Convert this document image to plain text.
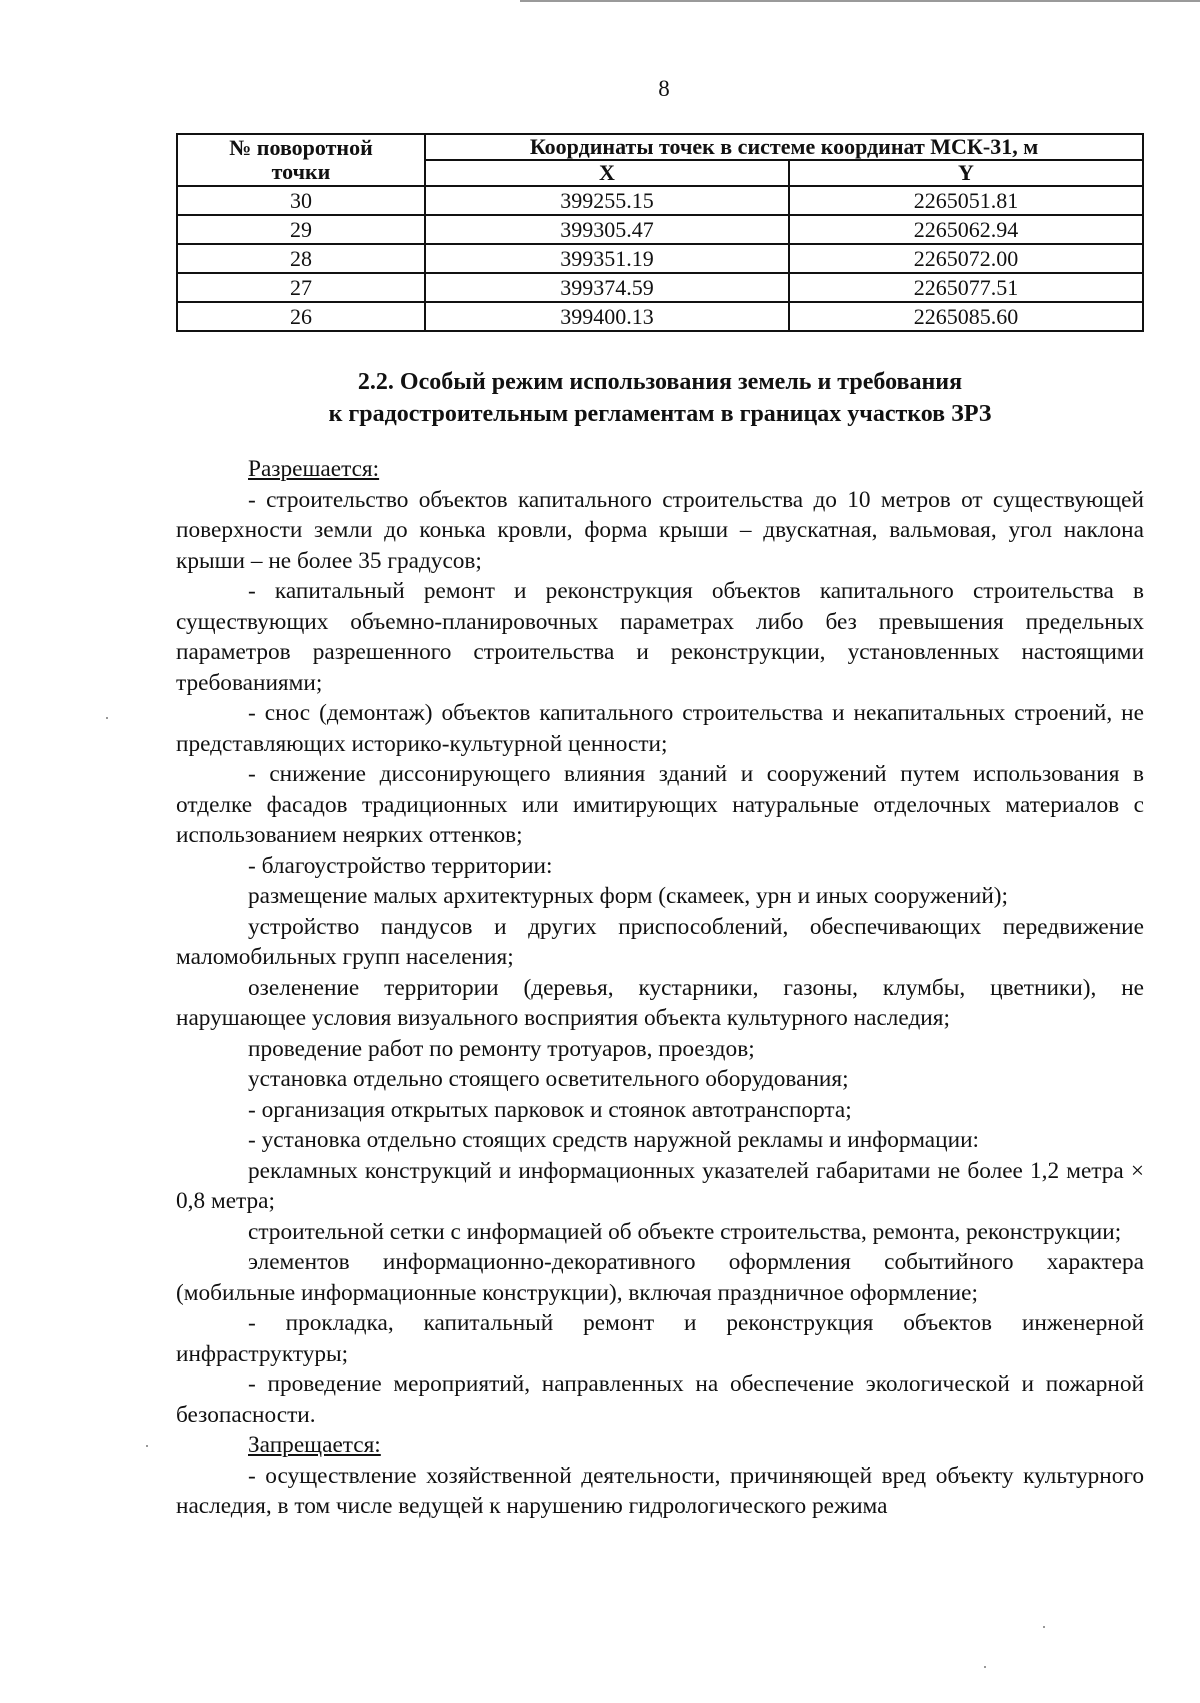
8
№ поворотной
точки	Координаты точек в системе координат МСК-31, м	
	X	Y
30	399255.15	2265051.81
29	399305.47	2265062.94
28	399351.19	2265072.00
27	399374.59	2265077.51
26	399400.13	2265085.60
2.2. Особый режим использования земель и требования
к градостроительным регламентам в границах участков ЗРЗ

Разрешается:

- строительство объектов капитального строительства до 10 метров от существующей поверхности земли до конька кровли, форма крыши – двускатная, вальмовая, угол наклона крыши – не более 35 градусов;

- капитальный ремонт и реконструкция объектов капитального строительства в существующих объемно-планировочных параметрах либо без превышения предельных параметров разрешенного строительства и реконструкции, установленных настоящими требованиями;

- снос (демонтаж) объектов капитального строительства и некапитальных строений, не представляющих историко-культурной ценности;

- снижение диссонирующего влияния зданий и сооружений путем использования в отделке фасадов традиционных или имитирующих натуральные отделочных материалов с использованием неярких оттенков;

- благоустройство территории:

размещение малых архитектурных форм (скамеек, урн и иных сооружений);

устройство пандусов и других приспособлений, обеспечивающих передвижение маломобильных групп населения;

озеленение территории (деревья, кустарники, газоны, клумбы, цветники), не нарушающее условия визуального восприятия объекта культурного наследия;

проведение работ по ремонту тротуаров, проездов;

установка отдельно стоящего осветительного оборудования;

- организация открытых парковок и стоянок автотранспорта;

- установка отдельно стоящих средств наружной рекламы и информации:

рекламных конструкций и информационных указателей габаритами не более 1,2 метра × 0,8 метра;

строительной сетки с информацией об объекте строительства, ремонта, реконструкции;

элементов информационно-декоративного оформления событийного характера (мобильные информационные конструкции), включая праздничное оформление;

- прокладка, капитальный ремонт и реконструкция объектов инженерной инфраструктуры;

- проведение мероприятий, направленных на обеспечение экологической и пожарной безопасности.

Запрещается:

- осуществление хозяйственной деятельности, причиняющей вред объекту культурного наследия, в том числе ведущей к нарушению гидрологического режима
